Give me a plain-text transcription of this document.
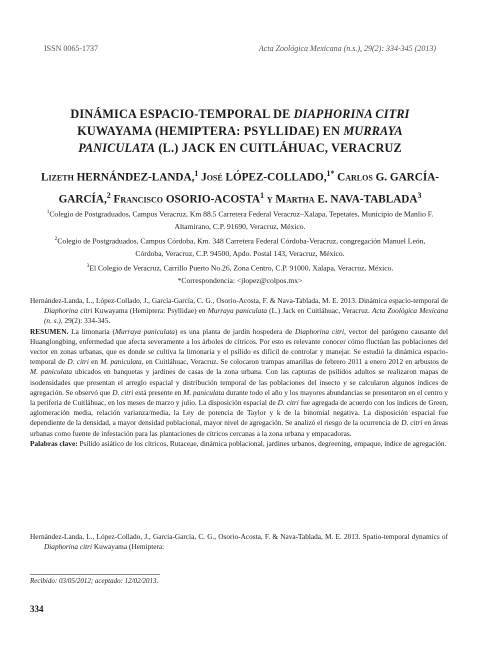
ISSN 0065-1737	Acta Zoológica Mexicana (n.s.), 29(2): 334-345 (2013)
DINÁMICA ESPACIO-TEMPORAL DE DIAPHORINA CITRI
KUWAYAMA (HEMIPTERA: PSYLLIDAE) EN MURRAYA PANICULATA (L.) JACK EN CUITLÁHUAC, VERACRUZ
Lizeth HERNÁNDEZ-LANDA,$^1$ José LÓPEZ-COLLADO,$^{1*}$ Carlos G. GARCÍA-GARCÍA,$^2$ Francisco OSORIO-ACOSTA$^1$ y Martha E. NAVA-TABLADA$^3$
$^1$Colegio de Postgraduados, Campus Veracruz, Km 88.5 Carretera Federal Veracruz–Xalapa, Tepetates, Municipio de Manlio F. Altamirano, C.P. 91690, Veracruz, México.
$^2$Colegio de Postgraduados, Campus Córdoba, Km. 348 Carretera Federal Córdoba-Veracruz, congregación Manuel León, Córdoba, Veracruz, C.P. 94500, Apdo. Postal 143, Veracruz, México.
$^3$El Colegio de Veracruz, Carrillo Puerto No.26, Zona Centro, C.P. 91000, Xalapa, Veracruz, México.
*Correspondencia: <jlopez@colpos.mx>

Hernández-Landa, L., López-Collado, J., García-García, C. G., Osorio-Acosta, F. & Nava-Tablada, M. E. 2013. Dinámica espacio-temporal de Diaphorina citri Kuwayama (Hemiptera: Psyllidae) en Murraya paniculata (L.) Jack en Cuitláhuac, Veracruz. Acta Zoológica Mexicana (n. s.), 29(2): 334-345.

RESUMEN. La limonaria (Murraya paniculata) es una planta de jardín hospedera de Diaphorina citri, vector del patógeno causante del Huanglongbing, enfermedad que afecta severamente a los árboles de cítricos. Por esto es relevante conocer cómo fluctúan las poblaciones del vector en zonas urbanas, que es donde se cultiva la limonaria y el psílido es difícil de controlar y manejar. Se estudió la dinámica espacio-temporal de D. citri en M. paniculata, en Cuitláhuac, Veracruz. Se colocaron trampas amarillas de febrero 2011 a enero 2012 en arbustos de M. paniculata ubicados en banquetas y jardines de casas de la zona urbana. Con las capturas de psílidos adultos se realizaron mapas de isodensidades que presentan el arreglo espacial y distribución temporal de las poblaciones del insecto y se calcularon algunos índices de agregación. Se observó que D. citri está presente en M. paniculata durante todo el año y los mayores abundancias se presentaron en el centro y la periferia de Cuitláhuac, en los meses de marzo y julio. La disposición espacial de D. citri fue agregada de acuerdo con los índices de Green, aglomeración media, relación varianza/media, la Ley de potencia de Taylor y k de la binomial negativa. La disposición espacial fue dependiente de la densidad, a mayor densidad poblacional, mayor nivel de agregación. Se analizó el riesgo de la ocurrencia de D. citri en áreas urbanas como fuente de infestación para las plantaciones de cítricos cercanas a la zona urbana y empacadoras.

Palabras clave: Psílido asiático de los cítricos, Rutaceae, dinámica poblacional, jardines urbanos, degreening, empaque, índice de agregación.

Hernández-Landa, L., López-Collado, J., García-García, C. G., Osorio-Acosta, F. & Nava-Tablada, M. E. 2013. Spatio-temporal dynamics of Diaphorina citri Kuwayama (Hemiptera:

Recibido: 03/05/2012; aceptado: 12/02/2013.
334
